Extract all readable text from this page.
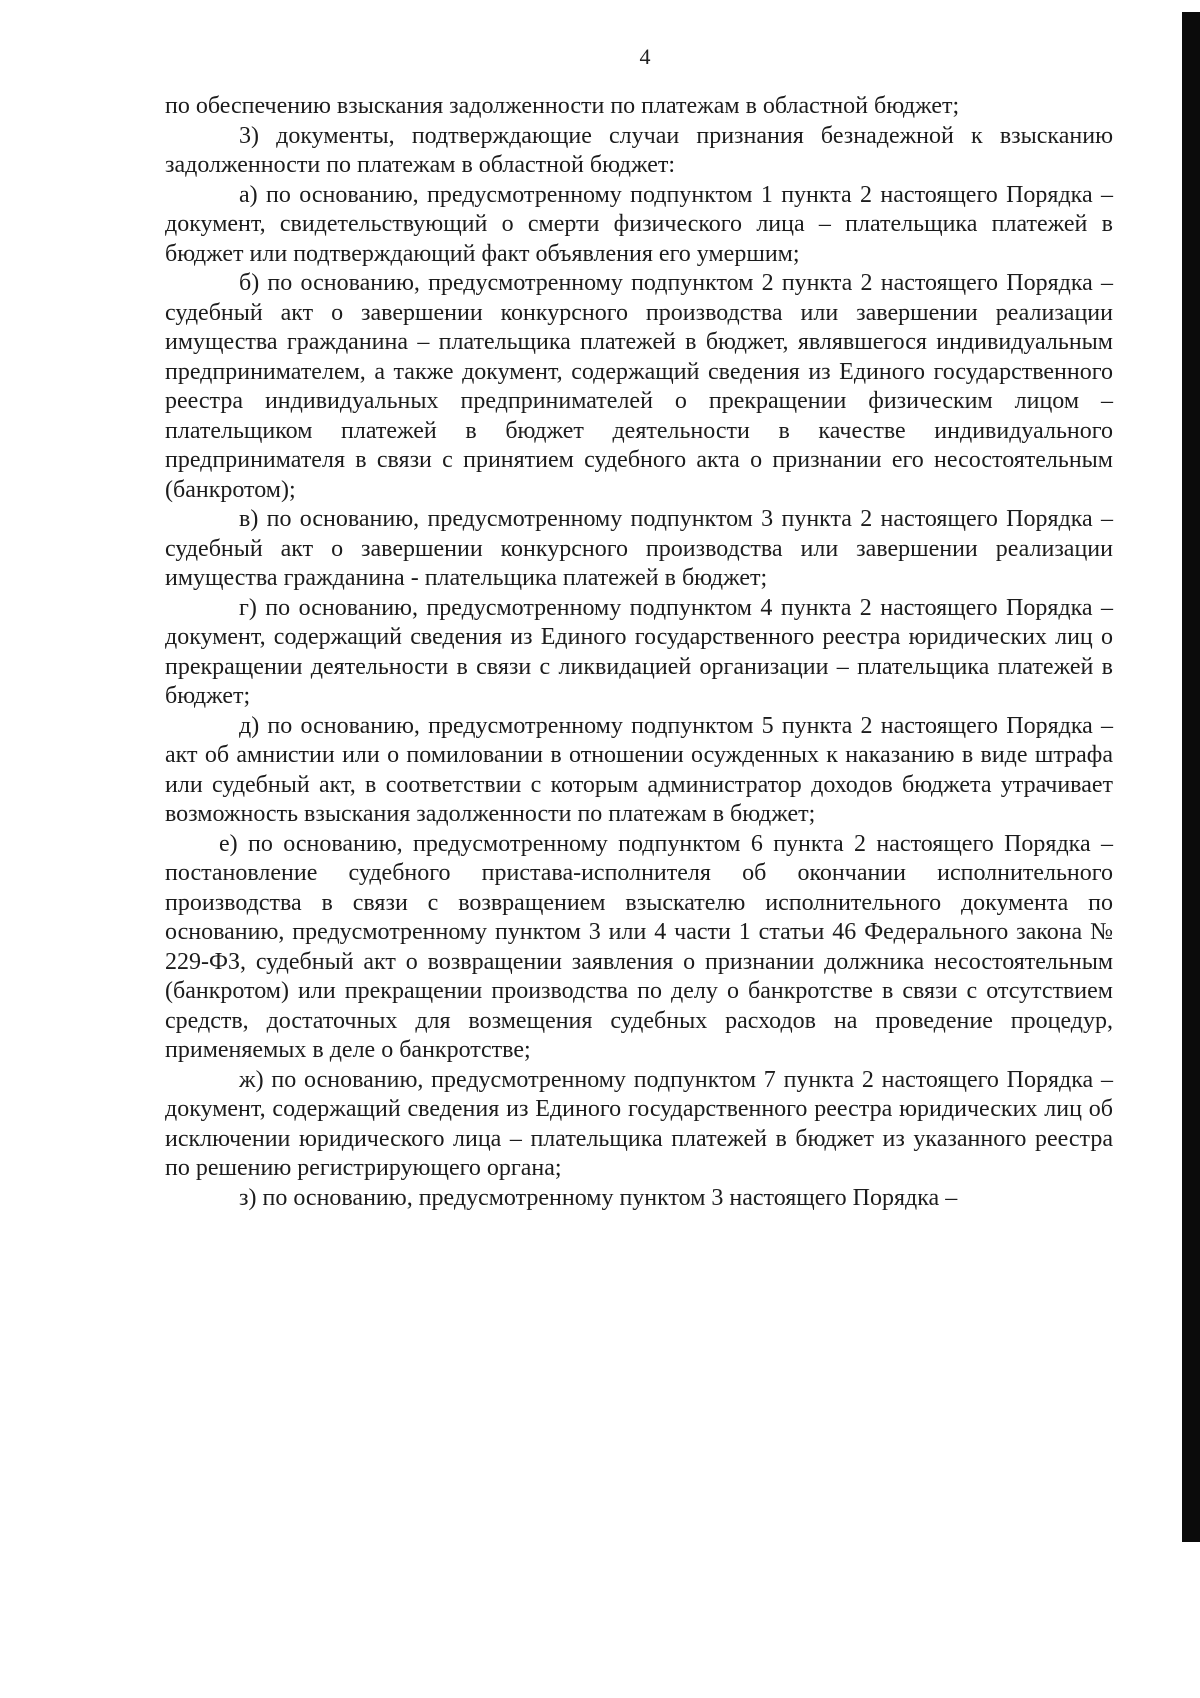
4

по обеспечению взыскания задолженности по платежам в областной бюджет;

3) документы, подтверждающие случаи признания безнадежной к взысканию задолженности по платежам в областной бюджет:

а) по основанию, предусмотренному подпунктом 1 пункта 2 настоящего Порядка – документ, свидетельствующий о смерти физического лица – плательщика платежей в бюджет или подтверждающий факт объявления его умершим;

б) по основанию, предусмотренному подпунктом 2 пункта 2 настоящего Порядка – судебный акт о завершении конкурсного производства или завершении реализации имущества гражданина – плательщика платежей в бюджет, являвшегося индивидуальным предпринимателем, а также документ, содержащий сведения из Единого государственного реестра индивидуальных предпринимателей о прекращении физическим лицом – плательщиком платежей в бюджет деятельности в качестве индивидуального предпринимателя в связи с принятием судебного акта о признании его несостоятельным (банкротом);

в) по основанию, предусмотренному подпунктом 3 пункта 2 настоящего Порядка – судебный акт о завершении конкурсного производства или завершении реализации имущества гражданина - плательщика платежей в бюджет;

г) по основанию, предусмотренному подпунктом 4 пункта 2 настоящего Порядка – документ, содержащий сведения из Единого государственного реестра юридических лиц о прекращении деятельности в связи с ликвидацией организации – плательщика платежей в бюджет;

д) по основанию, предусмотренному подпунктом 5 пункта 2 настоящего Порядка – акт об амнистии или о помиловании в отношении осужденных к наказанию в виде штрафа или судебный акт, в соответствии с которым администратор доходов бюджета утрачивает возможность взыскания задолженности по платежам в бюджет;

е) по основанию, предусмотренному подпунктом 6 пункта 2 настоящего Порядка – постановление судебного пристава-исполнителя об окончании исполнительного производства в связи с возвращением взыскателю исполнительного документа по основанию, предусмотренному пунктом 3 или 4 части 1 статьи 46 Федерального закона № 229-ФЗ, судебный акт о возвращении заявления о признании должника несостоятельным (банкротом) или прекращении производства по делу о банкротстве в связи с отсутствием средств, достаточных для возмещения судебных расходов на проведение процедур, применяемых в деле о банкротстве;

ж) по основанию, предусмотренному подпунктом 7 пункта 2 настоящего Порядка – документ, содержащий сведения из Единого государственного реестра юридических лиц об исключении юридического лица – плательщика платежей в бюджет из указанного реестра по решению регистрирующего органа;

з) по основанию, предусмотренному пунктом 3 настоящего Порядка –
